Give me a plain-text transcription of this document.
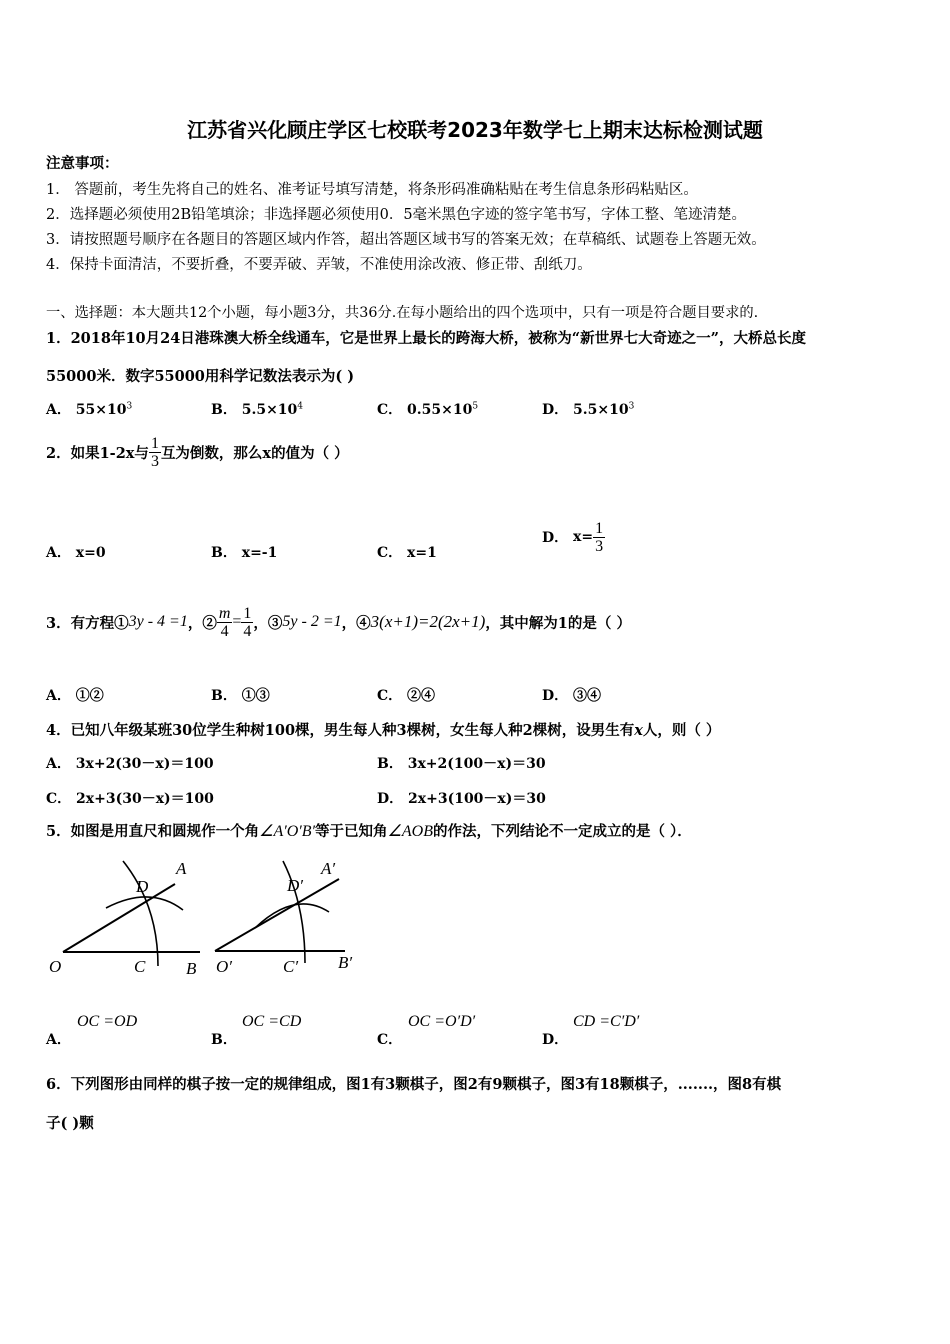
江苏省兴化顾庄学区七校联考2023年数学七上期末达标检测试题
注意事项：
1． 答题前，考生先将自己的姓名、准考证号填写清楚，将条形码准确粘贴在考生信息条形码粘贴区。
2．选择题必须使用2B铅笔填涂；非选择题必须使用0．5毫米黑色字迹的签字笔书写，字体工整、笔迹清楚。
3．请按照题号顺序在各题目的答题区域内作答，超出答题区域书写的答案无效；在草稿纸、试题卷上答题无效。
4．保持卡面清洁，不要折叠，不要弄破、弄皱，不准使用涂改液、修正带、刮纸刀。
一、选择题：本大题共12个小题，每小题3分，共36分.在每小题给出的四个选项中，只有一项是符合题目要求的.
1．2018年10月24日港珠澳大桥全线通车，它是世界上最长的跨海大桥，被称为“新世界七大奇迹之一”，大桥总长度
55000米．数字55000用科学记数法表示为( )
A． $55\times 10^3$	B． $5.5\times 10^4$	C． $0.55\times 10^5$	D． $5.5\times 10^3$
2．如果1-2x与 $\frac{1}{3}$ 互为倒数，那么x的值为（ ）
A． x=0	B． x=-1	C． x=1
D．
$x= \frac{1}{3}$
3．有方程① 3y - 4 =1 ，② $\frac{m}{4} = \frac{1}{4}$ ，③ 5y - 2 =1 ，④ 3(x+1)=2(2x+1) ，其中解为1的是（ ）
A． ①②	B． ①③	C． ②④	D． ③④
4．已知八年级某班30位学生种树100棵，男生每人种3棵树，女生每人种2棵树，设男生有x人，则（ ）
A． 3x+2(30－x)＝100	B． 3x+2(100－x)＝30
C． 2x+3(30－x)＝100	D． 2x+3(100－x)＝30
5．如图是用直尺和圆规作一个角∠A′O′B′等于已知角∠AOB的作法，下列结论不一定成立的是（ ）．
O	C B
D
A
O′	C′ B′
D′
A′
A．
OC =OD
B．
OC =CD
C．
OC =O′D′
D．
CD =C′D′
6．下列图形由同样的棋子按一定的规律组成，图1有3颗棋子，图2有9颗棋子，图3有18颗棋子，.......，图8有棋
子( )颗
